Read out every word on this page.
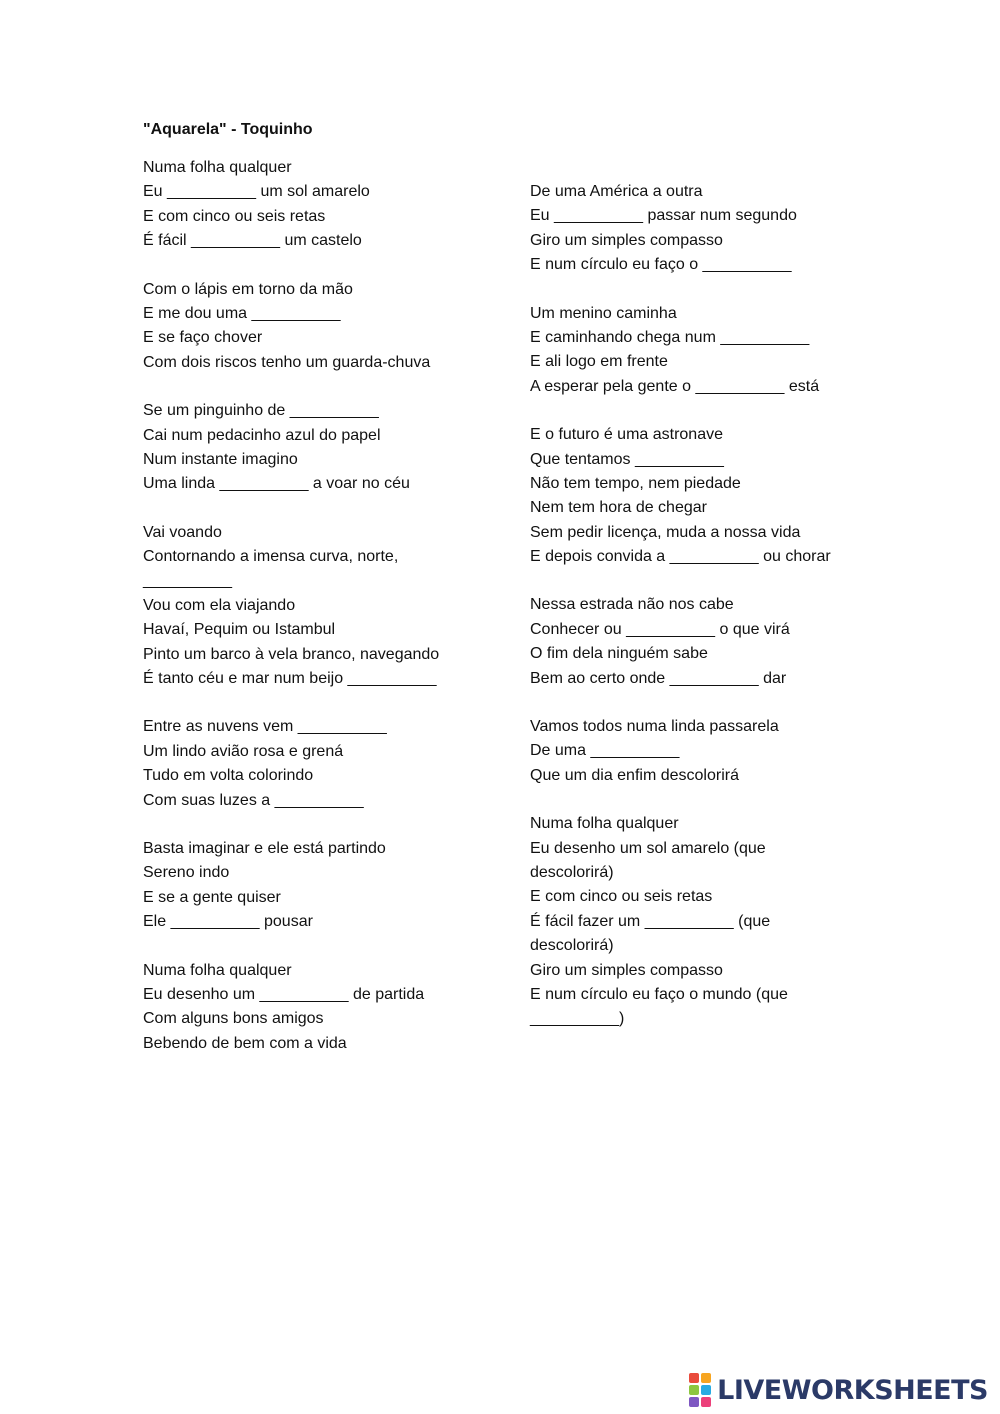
"Aquarela" - Toquinho
Numa folha qualquer
Eu __________ um sol amarelo
E com cinco ou seis retas
É fácil __________ um castelo
Com o lápis em torno da mão
E me dou uma __________
E se faço chover
Com dois riscos tenho um guarda-chuva
Se um pinguinho de __________
Cai num pedacinho azul do papel
Num instante imagino
Uma linda __________ a voar no céu
Vai voando
Contornando a imensa curva, norte,
__________
Vou com ela viajando
Havaí, Pequim ou Istambul
Pinto um barco à vela branco, navegando
É tanto céu e mar num beijo __________
Entre as nuvens vem __________
Um lindo avião rosa e grená
Tudo em volta colorindo
Com suas luzes a __________
Basta imaginar e ele está partindo
Sereno indo
E se a gente quiser
Ele __________ pousar
Numa folha qualquer
Eu desenho um __________ de partida
Com alguns bons amigos
Bebendo de bem com a vida
De uma América a outra
Eu __________ passar num segundo
Giro um simples compasso
E num círculo eu faço o __________
Um menino caminha
E caminhando chega num __________
E ali logo em frente
A esperar pela gente o __________ está
E o futuro é uma astronave
Que tentamos __________
Não tem tempo, nem piedade
Nem tem hora de chegar
Sem pedir licença, muda a nossa vida
E depois convida a __________ ou chorar
Nessa estrada não nos cabe
Conhecer ou __________ o que virá
O fim dela ninguém sabe
Bem ao certo onde __________ dar
Vamos todos numa linda passarela
De uma __________
Que um dia enfim descolorirá
Numa folha qualquer
Eu desenho um sol amarelo (que
descolorirá)
E com cinco ou seis retas
É fácil fazer um __________ (que
descolorirá)
Giro um simples compasso
E num círculo eu faço o mundo (que
__________)
LIVEWORKSHEETS
